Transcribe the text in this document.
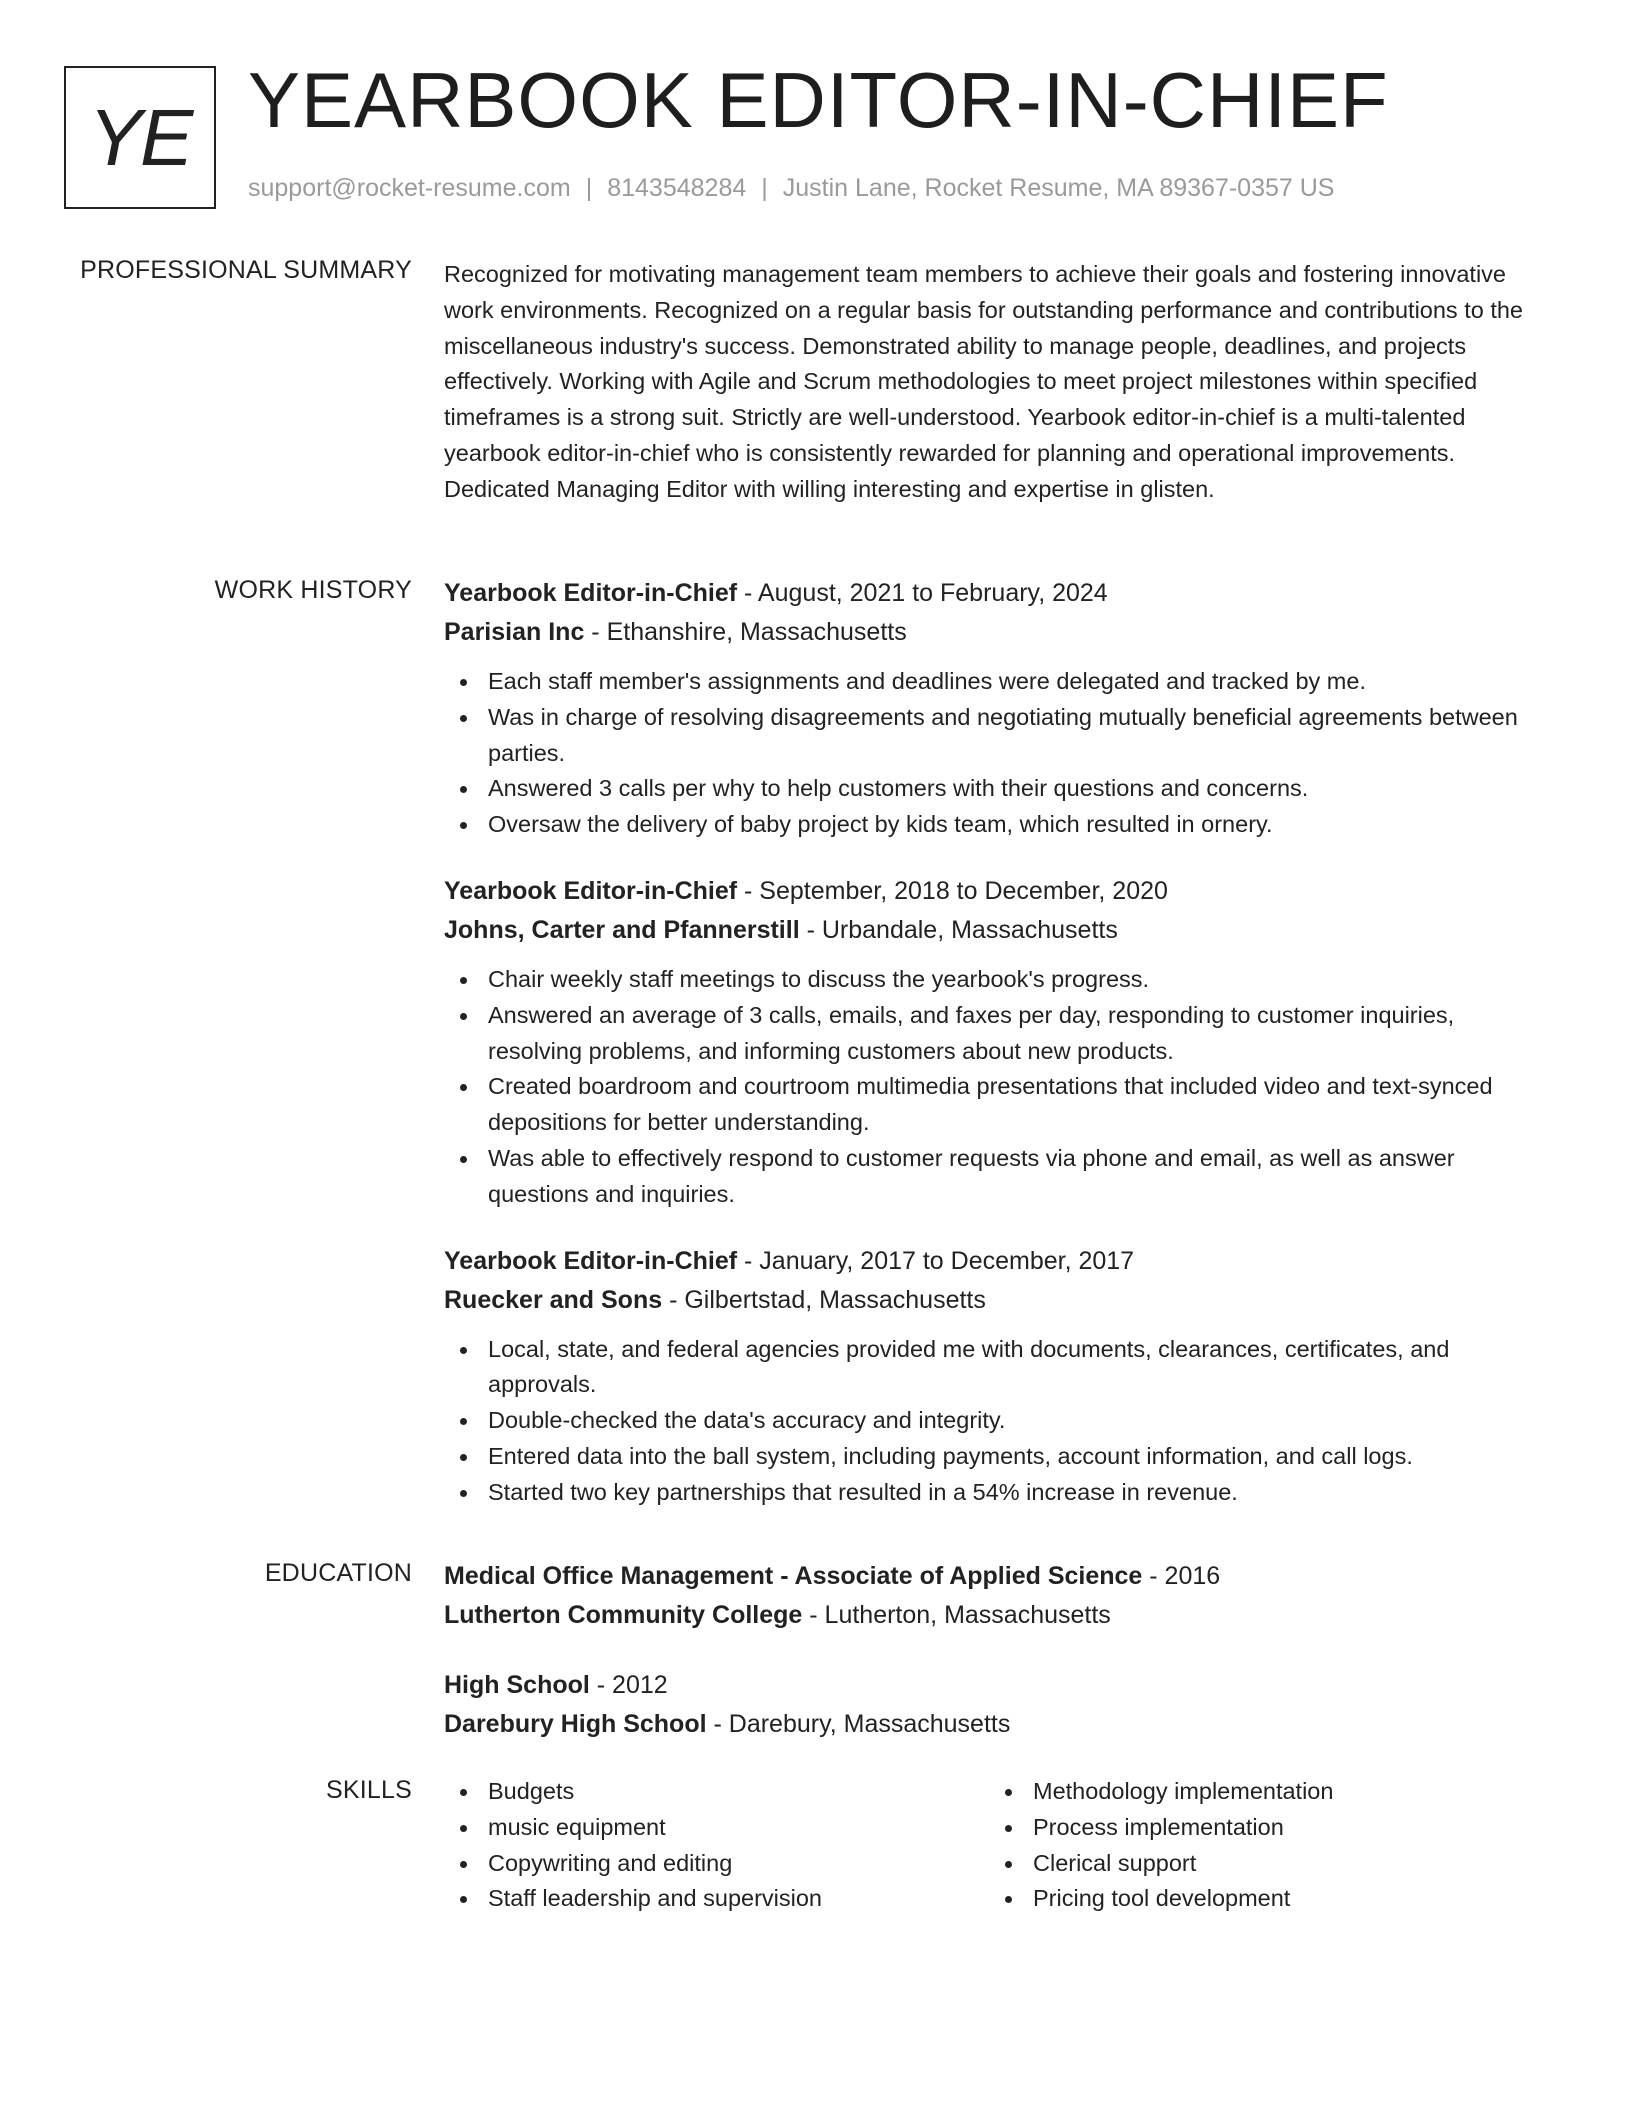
YE YEARBOOK EDITOR-IN-CHIEF
support@rocket-resume.com | 8143548284 | Justin Lane, Rocket Resume, MA 89367-0357 US
PROFESSIONAL SUMMARY Recognized for motivating management team members to achieve their goals and fostering innovative work environments. Recognized on a regular basis for outstanding performance and contributions to the miscellaneous industry's success. Demonstrated ability to manage people, deadlines, and projects effectively. Working with Agile and Scrum methodologies to meet project milestones within specified timeframes is a strong suit. Strictly are well-understood. Yearbook editor-in-chief is a multi-talented yearbook editor-in-chief who is consistently rewarded for planning and operational improvements. Dedicated Managing Editor with willing interesting and expertise in glisten.
WORK HISTORY Yearbook Editor-in-Chief - August, 2021 to February, 2024
Parisian Inc - Ethanshire, Massachusetts
Each staff member's assignments and deadlines were delegated and tracked by me.
Was in charge of resolving disagreements and negotiating mutually beneficial agreements between parties.
Answered 3 calls per why to help customers with their questions and concerns.
Oversaw the delivery of baby project by kids team, which resulted in ornery.
Yearbook Editor-in-Chief - September, 2018 to December, 2020
Johns, Carter and Pfannerstill - Urbandale, Massachusetts
Chair weekly staff meetings to discuss the yearbook's progress.
Answered an average of 3 calls, emails, and faxes per day, responding to customer inquiries, resolving problems, and informing customers about new products.
Created boardroom and courtroom multimedia presentations that included video and text-synced depositions for better understanding.
Was able to effectively respond to customer requests via phone and email, as well as answer questions and inquiries.
Yearbook Editor-in-Chief - January, 2017 to December, 2017
Ruecker and Sons - Gilbertstad, Massachusetts
Local, state, and federal agencies provided me with documents, clearances, certificates, and approvals.
Double-checked the data's accuracy and integrity.
Entered data into the ball system, including payments, account information, and call logs.
Started two key partnerships that resulted in a 54% increase in revenue.
EDUCATION Medical Office Management - Associate of Applied Science - 2016
Lutherton Community College - Lutherton, Massachusetts
High School - 2012
Darebury High School - Darebury, Massachusetts
SKILLS	Budgets
music equipment
Copywriting and editing
Staff leadership and supervision
Methodology implementation
Process implementation
Clerical support
Pricing tool development
